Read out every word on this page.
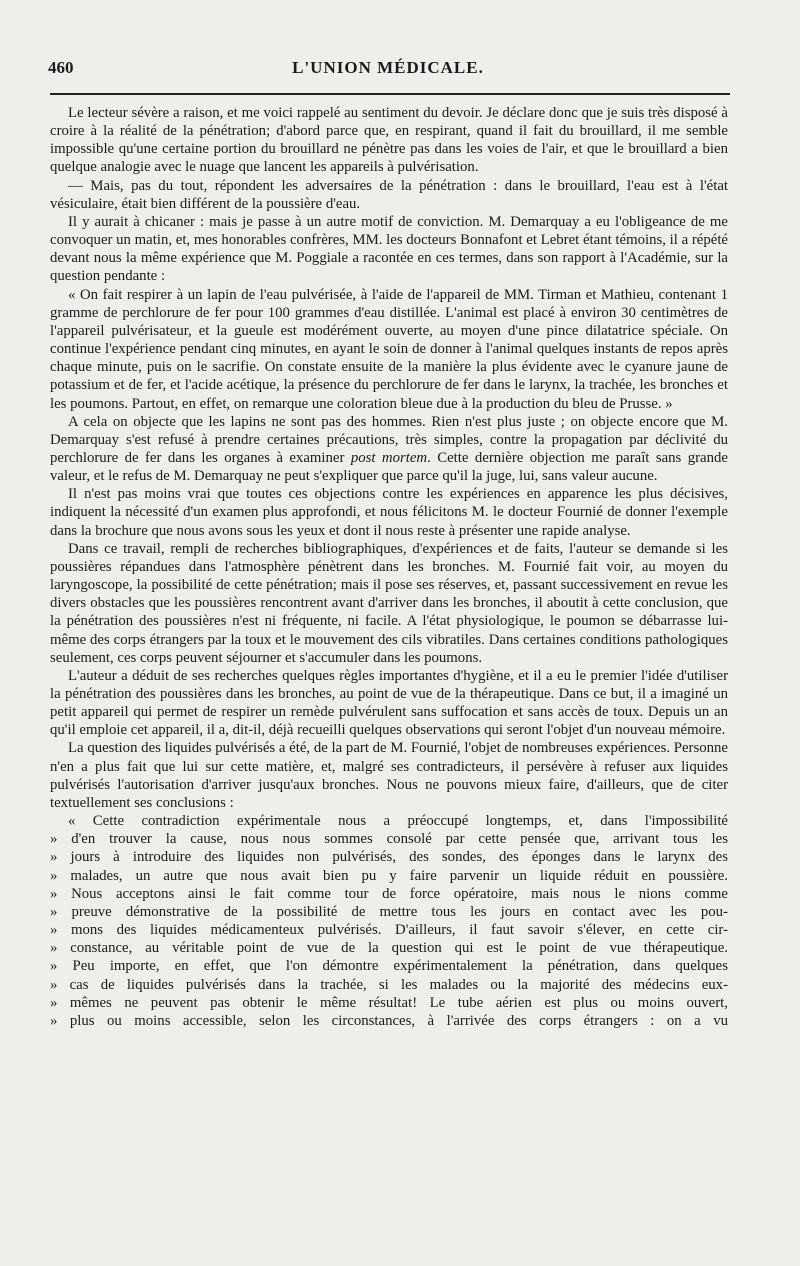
460	L'UNION MÉDICALE.

Le lecteur sévère a raison, et me voici rappelé au sentiment du devoir. Je déclare donc que je suis très disposé à croire à la réalité de la pénétration; d'abord parce que, en respirant, quand il fait du brouillard, il me semble impossible qu'une certaine portion du brouillard ne pénètre pas dans les voies de l'air, et que le brouillard a bien quelque analogie avec le nuage que lancent les appareils à pulvérisation.

— Mais, pas du tout, répondent les adversaires de la pénétration : dans le brouillard, l'eau est à l'état vésiculaire, était bien différent de la poussière d'eau.

Il y aurait à chicaner : mais je passe à un autre motif de conviction. M. Demarquay a eu l'obligeance de me convoquer un matin, et, mes honorables confrères, MM. les docteurs Bonnafont et Lebret étant témoins, il a répété devant nous la même expérience que M. Poggiale a racontée en ces termes, dans son rapport à l'Académie, sur la question pendante :

« On fait respirer à un lapin de l'eau pulvérisée, à l'aide de l'appareil de MM. Tirman et Mathieu, contenant 1 gramme de perchlorure de fer pour 100 grammes d'eau distillée. L'animal est placé à environ 30 centimètres de l'appareil pulvérisateur, et la gueule est modérément ouverte, au moyen d'une pince dilatatrice spéciale. On continue l'expérience pendant cinq minutes, en ayant le soin de donner à l'animal quelques instants de repos après chaque minute, puis on le sacrifie. On constate ensuite de la manière la plus évidente avec le cyanure jaune de potassium et de fer, et l'acide acétique, la présence du perchlorure de fer dans le larynx, la trachée, les bronches et les poumons. Partout, en effet, on remarque une coloration bleue due à la production du bleu de Prusse. »

A cela on objecte que les lapins ne sont pas des hommes. Rien n'est plus juste ; on objecte encore que M. Demarquay s'est refusé à prendre certaines précautions, très simples, contre la propagation par déclivité du perchlorure de fer dans les organes à examiner post mortem. Cette dernière objection me paraît sans grande valeur, et le refus de M. Demarquay ne peut s'expliquer que parce qu'il la juge, lui, sans valeur aucune.

Il n'est pas moins vrai que toutes ces objections contre les expériences en apparence les plus décisives, indiquent la nécessité d'un examen plus approfondi, et nous félicitons M. le docteur Fournié de donner l'exemple dans la brochure que nous avons sous les yeux et dont il nous reste à présenter une rapide analyse.

Dans ce travail, rempli de recherches bibliographiques, d'expériences et de faits, l'auteur se demande si les poussières répandues dans l'atmosphère pénètrent dans les bronches. M. Fournié fait voir, au moyen du laryngoscope, la possibilité de cette pénétration; mais il pose ses réserves, et, passant successivement en revue les divers obstacles que les poussières rencontrent avant d'arriver dans les bronches, il aboutit à cette conclusion, que la pénétration des poussières n'est ni fréquente, ni facile. A l'état physiologique, le poumon se débarrasse lui-même des corps étrangers par la toux et le mouvement des cils vibratiles. Dans certaines conditions pathologiques seulement, ces corps peuvent séjourner et s'accumuler dans les poumons.

L'auteur a déduit de ses recherches quelques règles importantes d'hygiène, et il a eu le premier l'idée d'utiliser la pénétration des poussières dans les bronches, au point de vue de la thérapeutique. Dans ce but, il a imaginé un petit appareil qui permet de respirer un remède pulvérulent sans suffocation et sans accès de toux. Depuis un an qu'il emploie cet appareil, il a, dit-il, déjà recueilli quelques observations qui seront l'objet d'un nouveau mémoire.

La question des liquides pulvérisés a été, de la part de M. Fournié, l'objet de nombreuses expériences. Personne n'en a plus fait que lui sur cette matière, et, malgré ses contradicteurs, il persévère à refuser aux liquides pulvérisés l'autorisation d'arriver jusqu'aux bronches. Nous ne pouvons mieux faire, d'ailleurs, que de citer textuellement ses conclusions :

« Cette contradiction expérimentale nous a préoccupé longtemps, et, dans l'impossibilité
» d'en trouver la cause, nous nous sommes consolé par cette pensée que, arrivant tous les
» jours à introduire des liquides non pulvérisés, des sondes, des éponges dans le larynx des
» malades, un autre que nous avait bien pu y faire parvenir un liquide réduit en poussière.
» Nous acceptons ainsi le fait comme tour de force opératoire, mais nous le nions comme
» preuve démonstrative de la possibilité de mettre tous les jours en contact avec les pou-
» mons des liquides médicamenteux pulvérisés. D'ailleurs, il faut savoir s'élever, en cette cir-
» constance, au véritable point de vue de la question qui est le point de vue thérapeutique.
» Peu importe, en effet, que l'on démontre expérimentalement la pénétration, dans quelques
» cas de liquides pulvérisés dans la trachée, si les malades ou la majorité des médecins eux-
» mêmes ne peuvent pas obtenir le même résultat! Le tube aérien est plus ou moins ouvert,
» plus ou moins accessible, selon les circonstances, à l'arrivée des corps étrangers : on a vu
